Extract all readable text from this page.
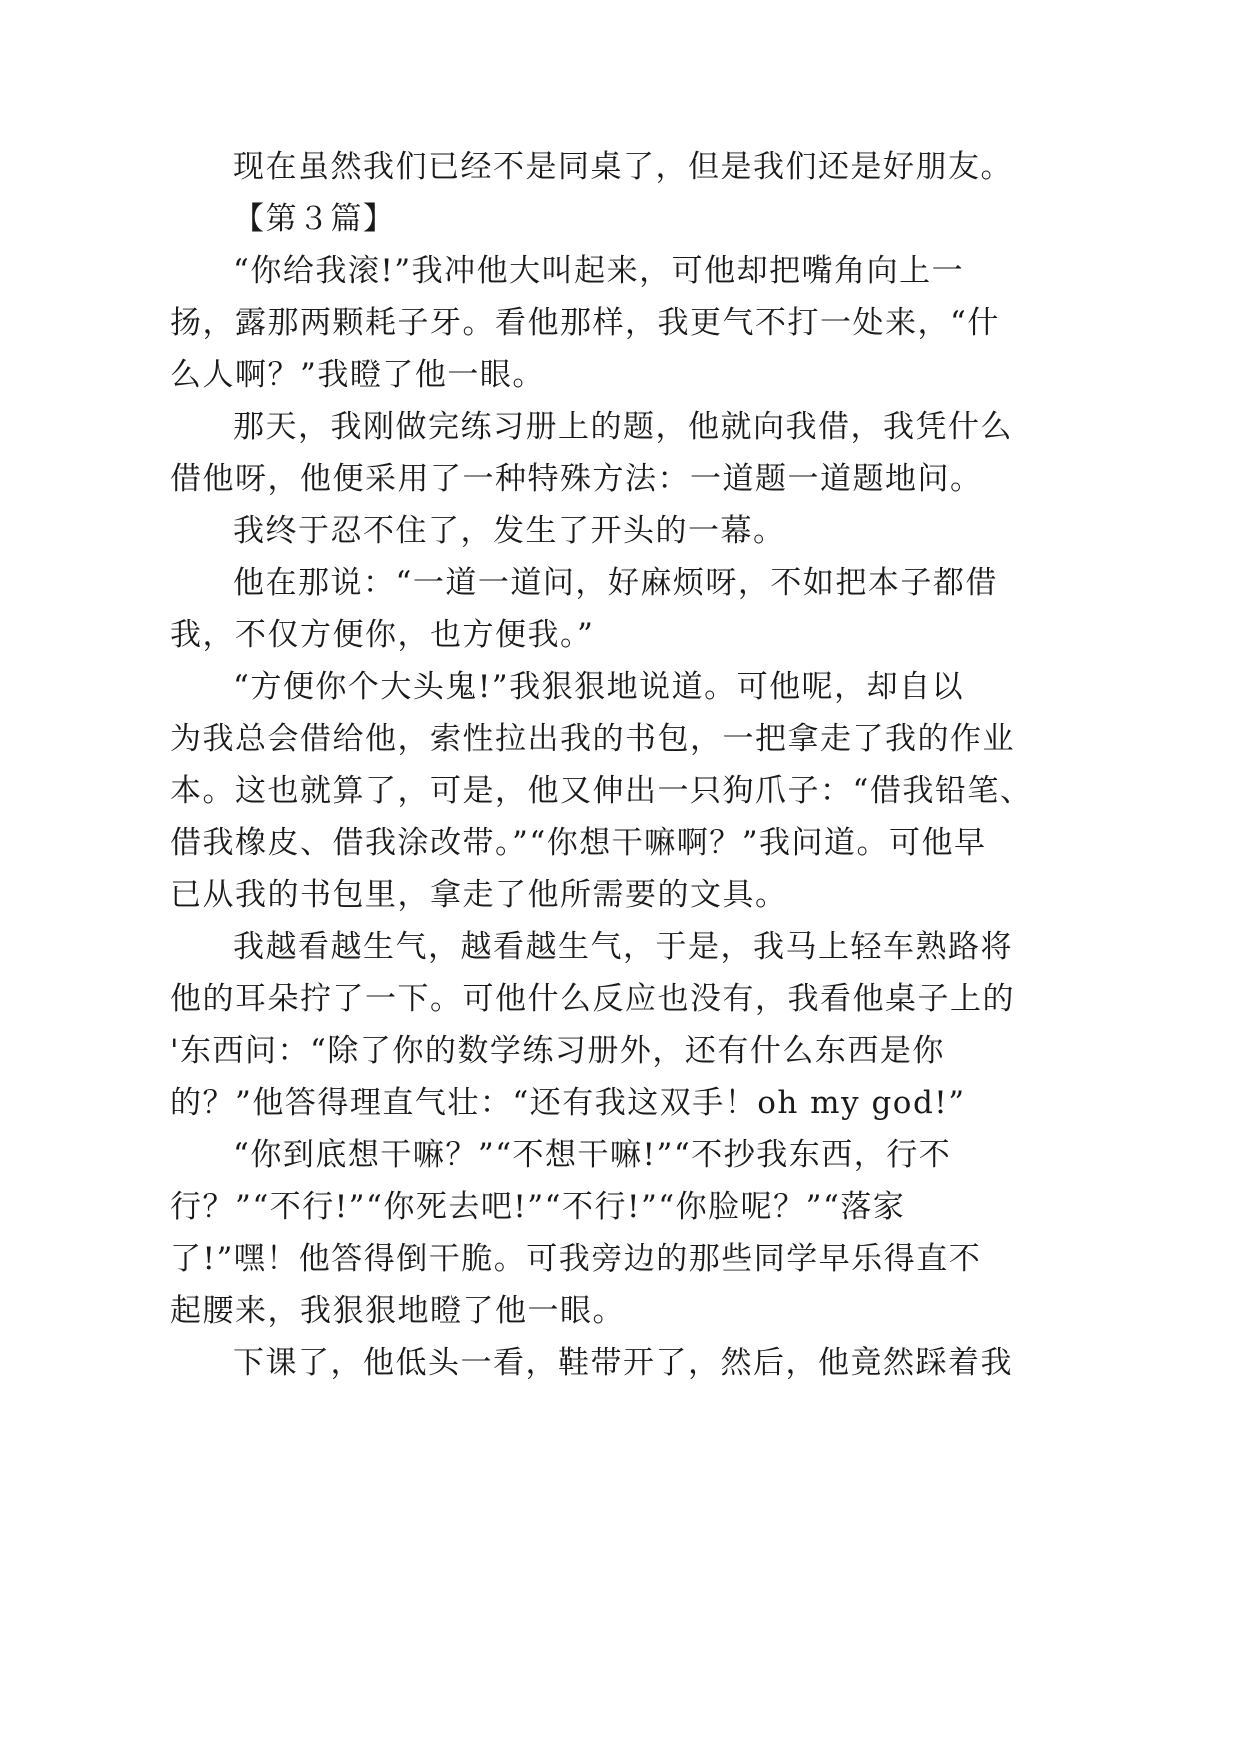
现在虽然我们已经不是同桌了，但是我们还是好朋友。
【第３篇】
“你给我滚!”我冲他大叫起来，可他却把嘴角向上一
扬，露那两颗耗子牙。看他那样，我更气不打一处来，“什
么人啊？”我瞪了他一眼。
那天，我刚做完练习册上的题，他就向我借，我凭什么
借他呀，他便采用了一种特殊方法：一道题一道题地问。
我终于忍不住了，发生了开头的一幕。
他在那说：“一道一道问，好麻烦呀，不如把本子都借
我，不仅方便你，也方便我。”
“方便你个大头鬼!”我狠狠地说道。可他呢，却自以
为我总会借给他，索性拉出我的书包，一把拿走了我的作业
本。这也就算了，可是，他又伸出一只狗爪子：“借我铅笔、
借我橡皮、借我涂改带。”“你想干嘛啊？”我问道。可他早
已从我的书包里，拿走了他所需要的文具。
我越看越生气，越看越生气，于是，我马上轻车熟路将
他的耳朵拧了一下。可他什么反应也没有，我看他桌子上的
'东西问：“除了你的数学练习册外，还有什么东西是你
的？”他答得理直气壮：“还有我这双手！oh my god!”
“你到底想干嘛？”“不想干嘛!”“不抄我东西，行不
行？”“不行!”“你死去吧!”“不行!”“你脸呢？”“落家
了!”嘿！他答得倒干脆。可我旁边的那些同学早乐得直不
起腰来，我狠狠地瞪了他一眼。
下课了，他低头一看，鞋带开了，然后，他竟然踩着我
